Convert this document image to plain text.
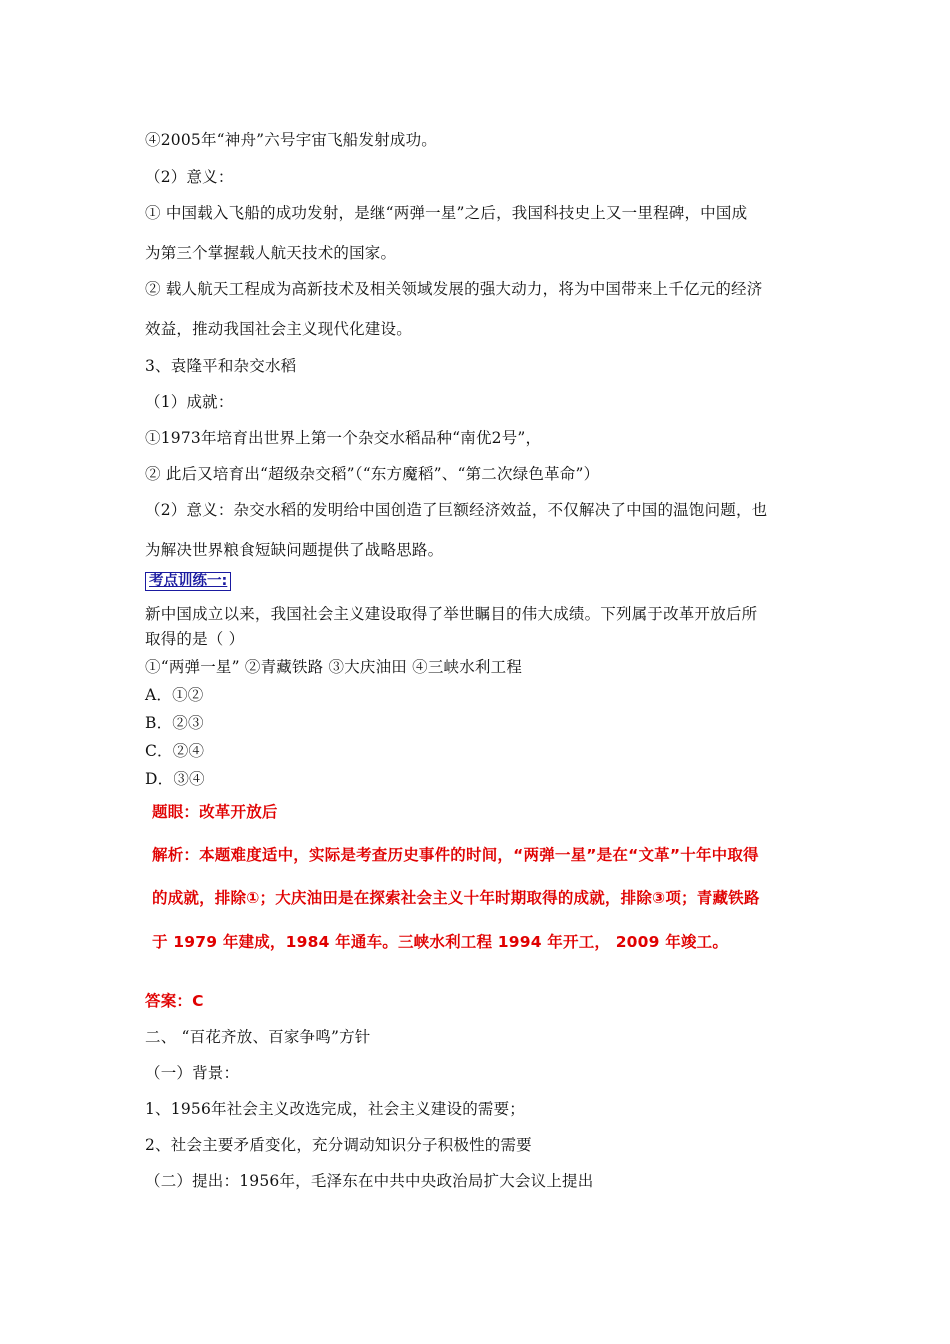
④2005年“神舟”六号宇宙飞船发射成功。
（2）意义：
① 中国载入飞船的成功发射，是继“两弹一星”之后，我国科技史上又一里程碑，中国成
为第三个掌握载人航天技术的国家。
② 载人航天工程成为高新技术及相关领域发展的强大动力，将为中国带来上千亿元的经济
效益，推动我国社会主义现代化建设。
3、袁隆平和杂交水稻
（1）成就：
①1973年培育出世界上第一个杂交水稻品种“南优2号”，
② 此后又培育出“超级杂交稻”（“东方魔稻”、“第二次绿色革命”）
（2）意义：杂交水稻的发明给中国创造了巨额经济效益，不仅解决了中国的温饱问题，也
为解决世界粮食短缺问题提供了战略思路。
考点训练一:
新中国成立以来，我国社会主义建设取得了举世瞩目的伟大成绩。下列属于改革开放后所
取得的是（ ）
①“两弹一星” ②青藏铁路 ③大庆油田 ④三峡水利工程
A．①②
B．②③
C．②④
D．③④
题眼：改革开放后
解析：本题难度适中，实际是考查历史事件的时间，“两弹一星”是在“文革”十年中取得
的成就，排除①；大庆油田是在探索社会主义十年时期取得的成就，排除③项；青藏铁路
于 1979 年建成，1984 年通车。三峡水利工程 1994 年开工， 2009 年竣工。
答案：C
二、 “百花齐放、百家争鸣”方针
（一）背景：
1、1956年社会主义改选完成，社会主义建设的需要；
2、社会主要矛盾变化，充分调动知识分子积极性的需要
（二）提出：1956年，毛泽东在中共中央政治局扩大会议上提出
